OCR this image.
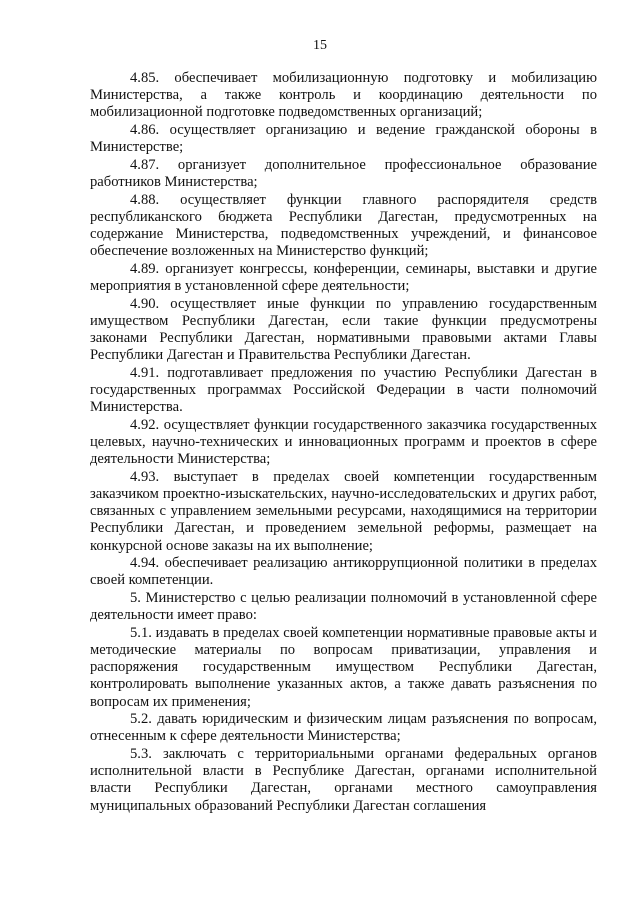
15

4.85. обеспечивает мобилизационную подготовку и мобилизацию Министерства, а также контроль и координацию деятельности по мобилизационной подготовке подведомственных организаций;

4.86. осуществляет организацию и ведение гражданской обороны в Министерстве;

4.87. организует дополнительное профессиональное образование работников Министерства;

4.88. осуществляет функции главного распорядителя средств республиканского бюджета Республики Дагестан, предусмотренных на содержание Министерства, подведомственных учреждений, и финансовое обеспечение возложенных на Министерство функций;

4.89. организует конгрессы, конференции, семинары, выставки и другие мероприятия в установленной сфере деятельности;

4.90. осуществляет иные функции по управлению государственным имуществом Республики Дагестан, если такие функции предусмотрены законами Республики Дагестан, нормативными правовыми актами Главы Республики Дагестан и Правительства Республики Дагестан.

4.91. подготавливает предложения по участию Республики Дагестан в государственных программах Российской Федерации в части полномочий Министерства.

4.92. осуществляет функции государственного заказчика государственных целевых, научно-технических и инновационных программ и проектов в сфере деятельности Министерства;

4.93. выступает в пределах своей компетенции государственным заказчиком проектно-изыскательских, научно-исследовательских и других работ, связанных с управлением земельными ресурсами, находящимися на территории Республики Дагестан, и проведением земельной реформы, размещает на конкурсной основе заказы на их выполнение;

4.94. обеспечивает реализацию антикоррупционной политики в пределах своей компетенции.

5. Министерство с целью реализации полномочий в установленной сфере деятельности имеет право:

5.1. издавать в пределах своей компетенции нормативные правовые акты и методические материалы по вопросам приватизации, управления и распоряжения государственным имуществом Республики Дагестан, контролировать выполнение указанных актов, а также давать разъяснения по вопросам их применения;

5.2. давать юридическим и физическим лицам разъяснения по вопросам, отнесенным к сфере деятельности Министерства;

5.3. заключать с территориальными органами федеральных органов исполнительной власти в Республике Дагестан, органами исполнительной власти Республики Дагестан, органами местного самоуправления муниципальных образований Республики Дагестан соглашения
